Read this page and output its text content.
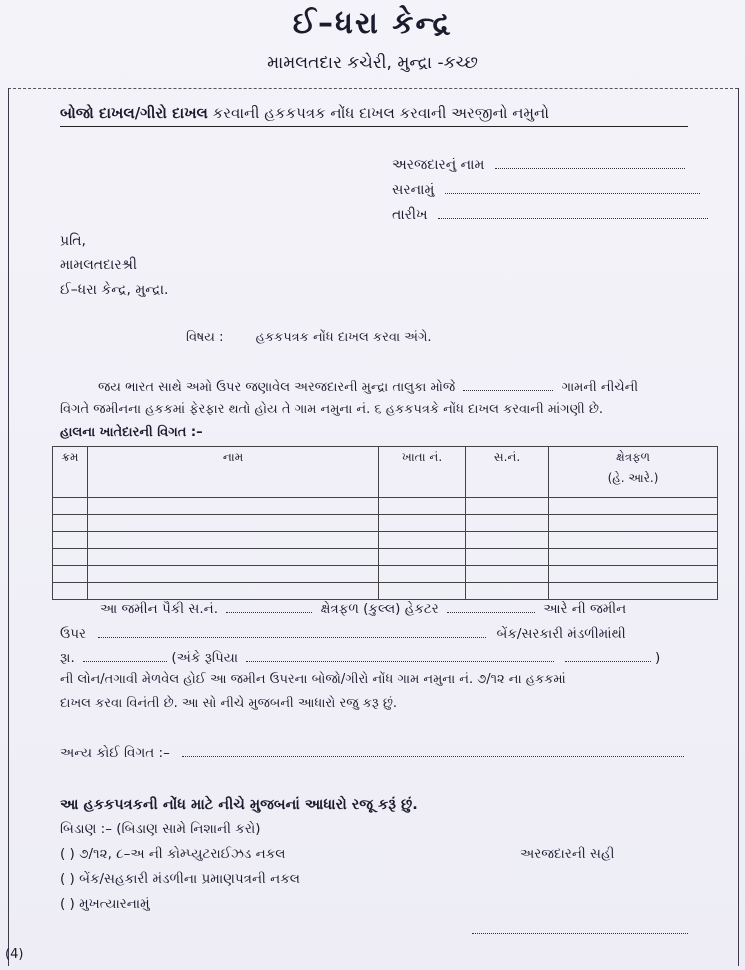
ઈ–ધરા કેન્દ્ર
મામલતદાર કચેરી, મુન્દ્રા -કચ્છ
બોજો દાખલ/ગીરો દાખલ કરવાની હકકપત્રક નોંધ દાખલ કરવાની અરજીનો નમુનો
અરજદારનું નામ
સરનામું
તારીખ
પ્રતિ,
મામલતદારશ્રી
ઈ–ધરા કેન્દ્ર, મુન્દ્રા.
વિષય : હકકપત્રક નોંધ દાખલ કરવા અંગે.
જય ભારત સાથે અમો ઉપર જણાવેલ અરજદારની મુન્દ્રા તાલુકા મોજે	ગામની નીચેની
વિગતે જમીનના હકકમાં ફેરફાર થતો હોય તે ગામ નમુના નં. ૬ હકકપત્રકે નોંધ દાખલ કરવાની માંગણી છે.
હાલના ખાતેદારની વિગત :–
ક્રમ	નામ	ખાતા નં.	સ.નં.	ક્ષેત્રફળ
(હે. આરે.)

આ જમીન પૈકી સ.નં.	ક્ષેત્રફળ (કુલ્લ) હેકટર	આરે ની જમીન
ઉપર	બેંક/સરકારી મંડળીમાંથી
રૂા.	(અંકે રૂપિયા	)
ની લોન/તગાવી મેળવેલ હોઈ આ જમીન ઉપરના બોજો/ગીરો નોંધ ગામ નમુના નં. ૭/૧૨ ના હકકમાં
દાખલ કરવા વિનંતી છે. આ સો નીચે મુજબની આધારો રજુ કરૂ છું.
અન્ય કોઈ વિગત :–
આ હકકપત્રકની નોંધ માટે નીચે મુજબનાં આધારો રજૂ કરૂં છું.
બિડાણ :– (બિડાણ સામે નિશાની કરો)
( ) ૭/૧૨, ૮–અ ની કોમ્પ્યુટરાઈઝડ નકલ	અરજદારની સહી
( ) બેંક/સહકારી મંડળીના પ્રમાણપત્રની નકલ
( ) મુખત્યારનામું
(4)
